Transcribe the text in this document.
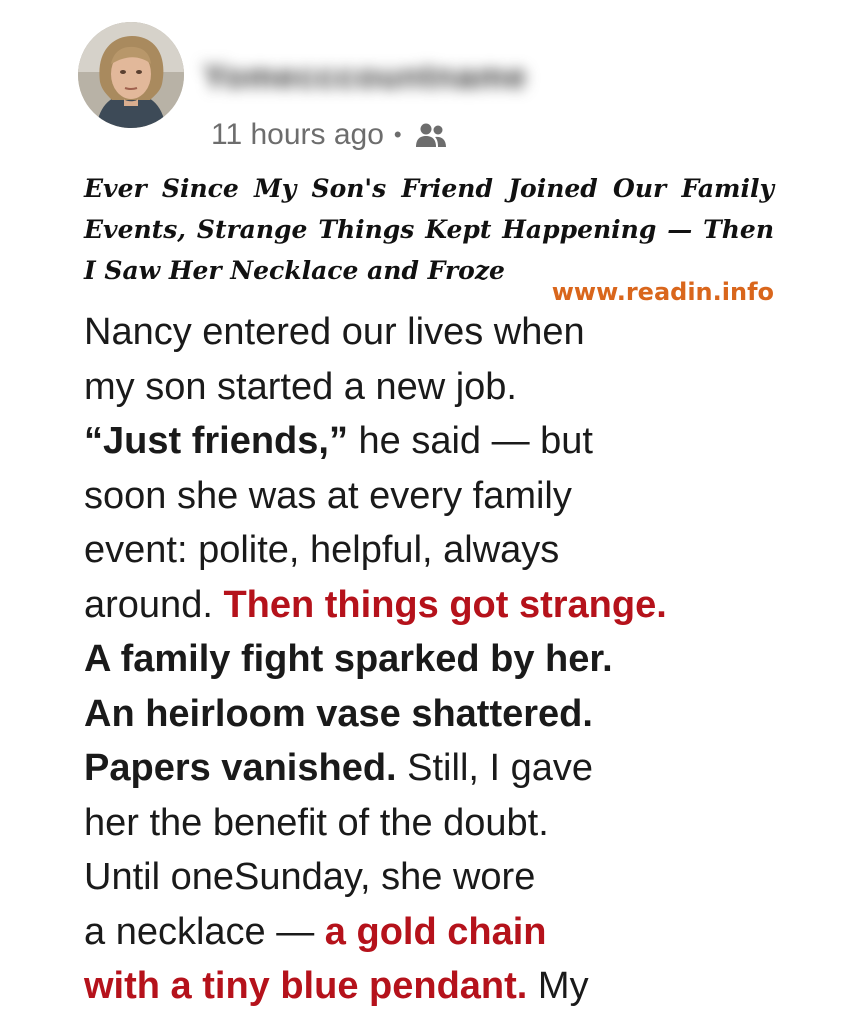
Yomecccountname
11 hours ago •
Ever Since My Son's Friend Joined Our Family Events, Strange Things Kept Happening — Then I Saw Her Necklace and Froze
www.readin.info
Nancy entered our lives when
my son started a new job.
“Just friends,” he said — but
soon she was at every family
event: polite, helpful, always
around. Then things got strange.
A family fight sparked by her.
An heirloom vase shattered.
Papers vanished. Still, I gave
her the benefit of the doubt.
Until oneSunday, she wore
a necklace — a gold chain
with a tiny blue pendant. My
